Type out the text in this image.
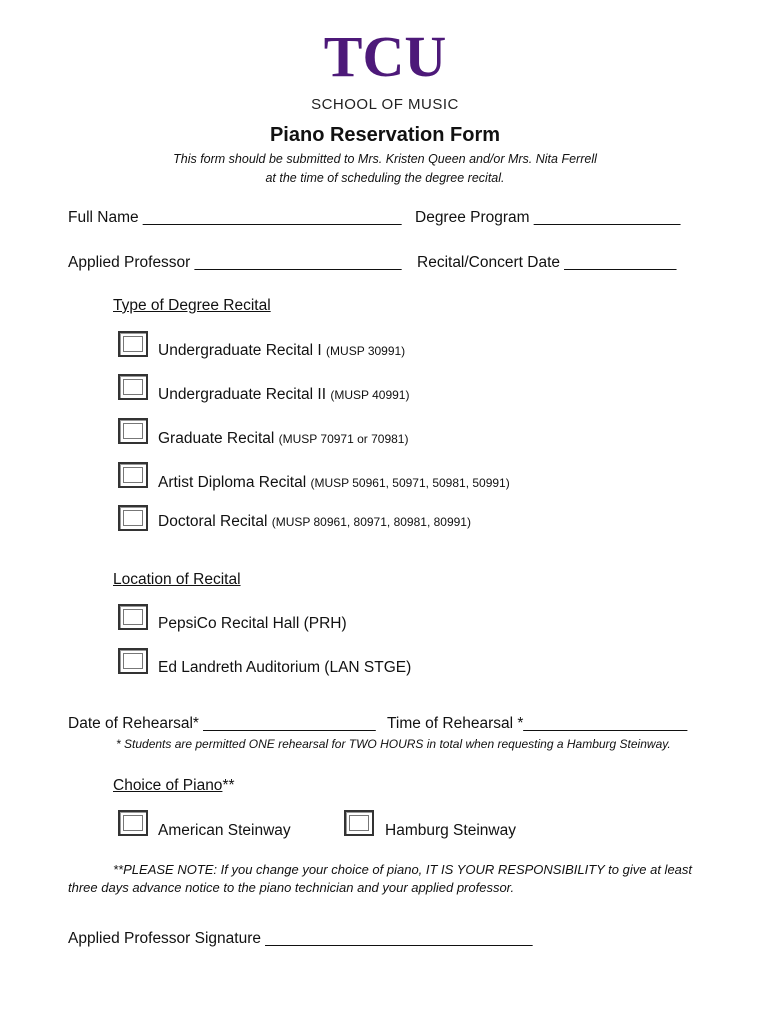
TCU
SCHOOL OF MUSIC
Piano Reservation Form
This form should be submitted to Mrs. Kristen Queen and/or Mrs. Nita Ferrell
at the time of scheduling the degree recital.
Full Name ______________________________ Degree Program _________________
Applied Professor ________________________ Recital/Concert Date _____________
Type of Degree Recital
Undergraduate Recital I (MUSP 30991)
Undergraduate Recital II (MUSP 40991)
Graduate Recital (MUSP 70971 or 70981)
Artist Diploma Recital (MUSP 50961, 50971, 50981, 50991)
Doctoral Recital (MUSP 80961, 80971, 80981, 80991)
Location of Recital
PepsiCo Recital Hall (PRH)
Ed Landreth Auditorium (LAN STGE)
Date of Rehearsal* ____________________ Time of Rehearsal *___________________
* Students are permitted ONE rehearsal for TWO HOURS in total when requesting a Hamburg Steinway.
Choice of Piano**
American Steinway	Hamburg Steinway
**PLEASE NOTE: If you change your choice of piano, IT IS YOUR RESPONSIBILITY to give at least
three days advance notice to the piano technician and your applied professor.
Applied Professor Signature _______________________________
